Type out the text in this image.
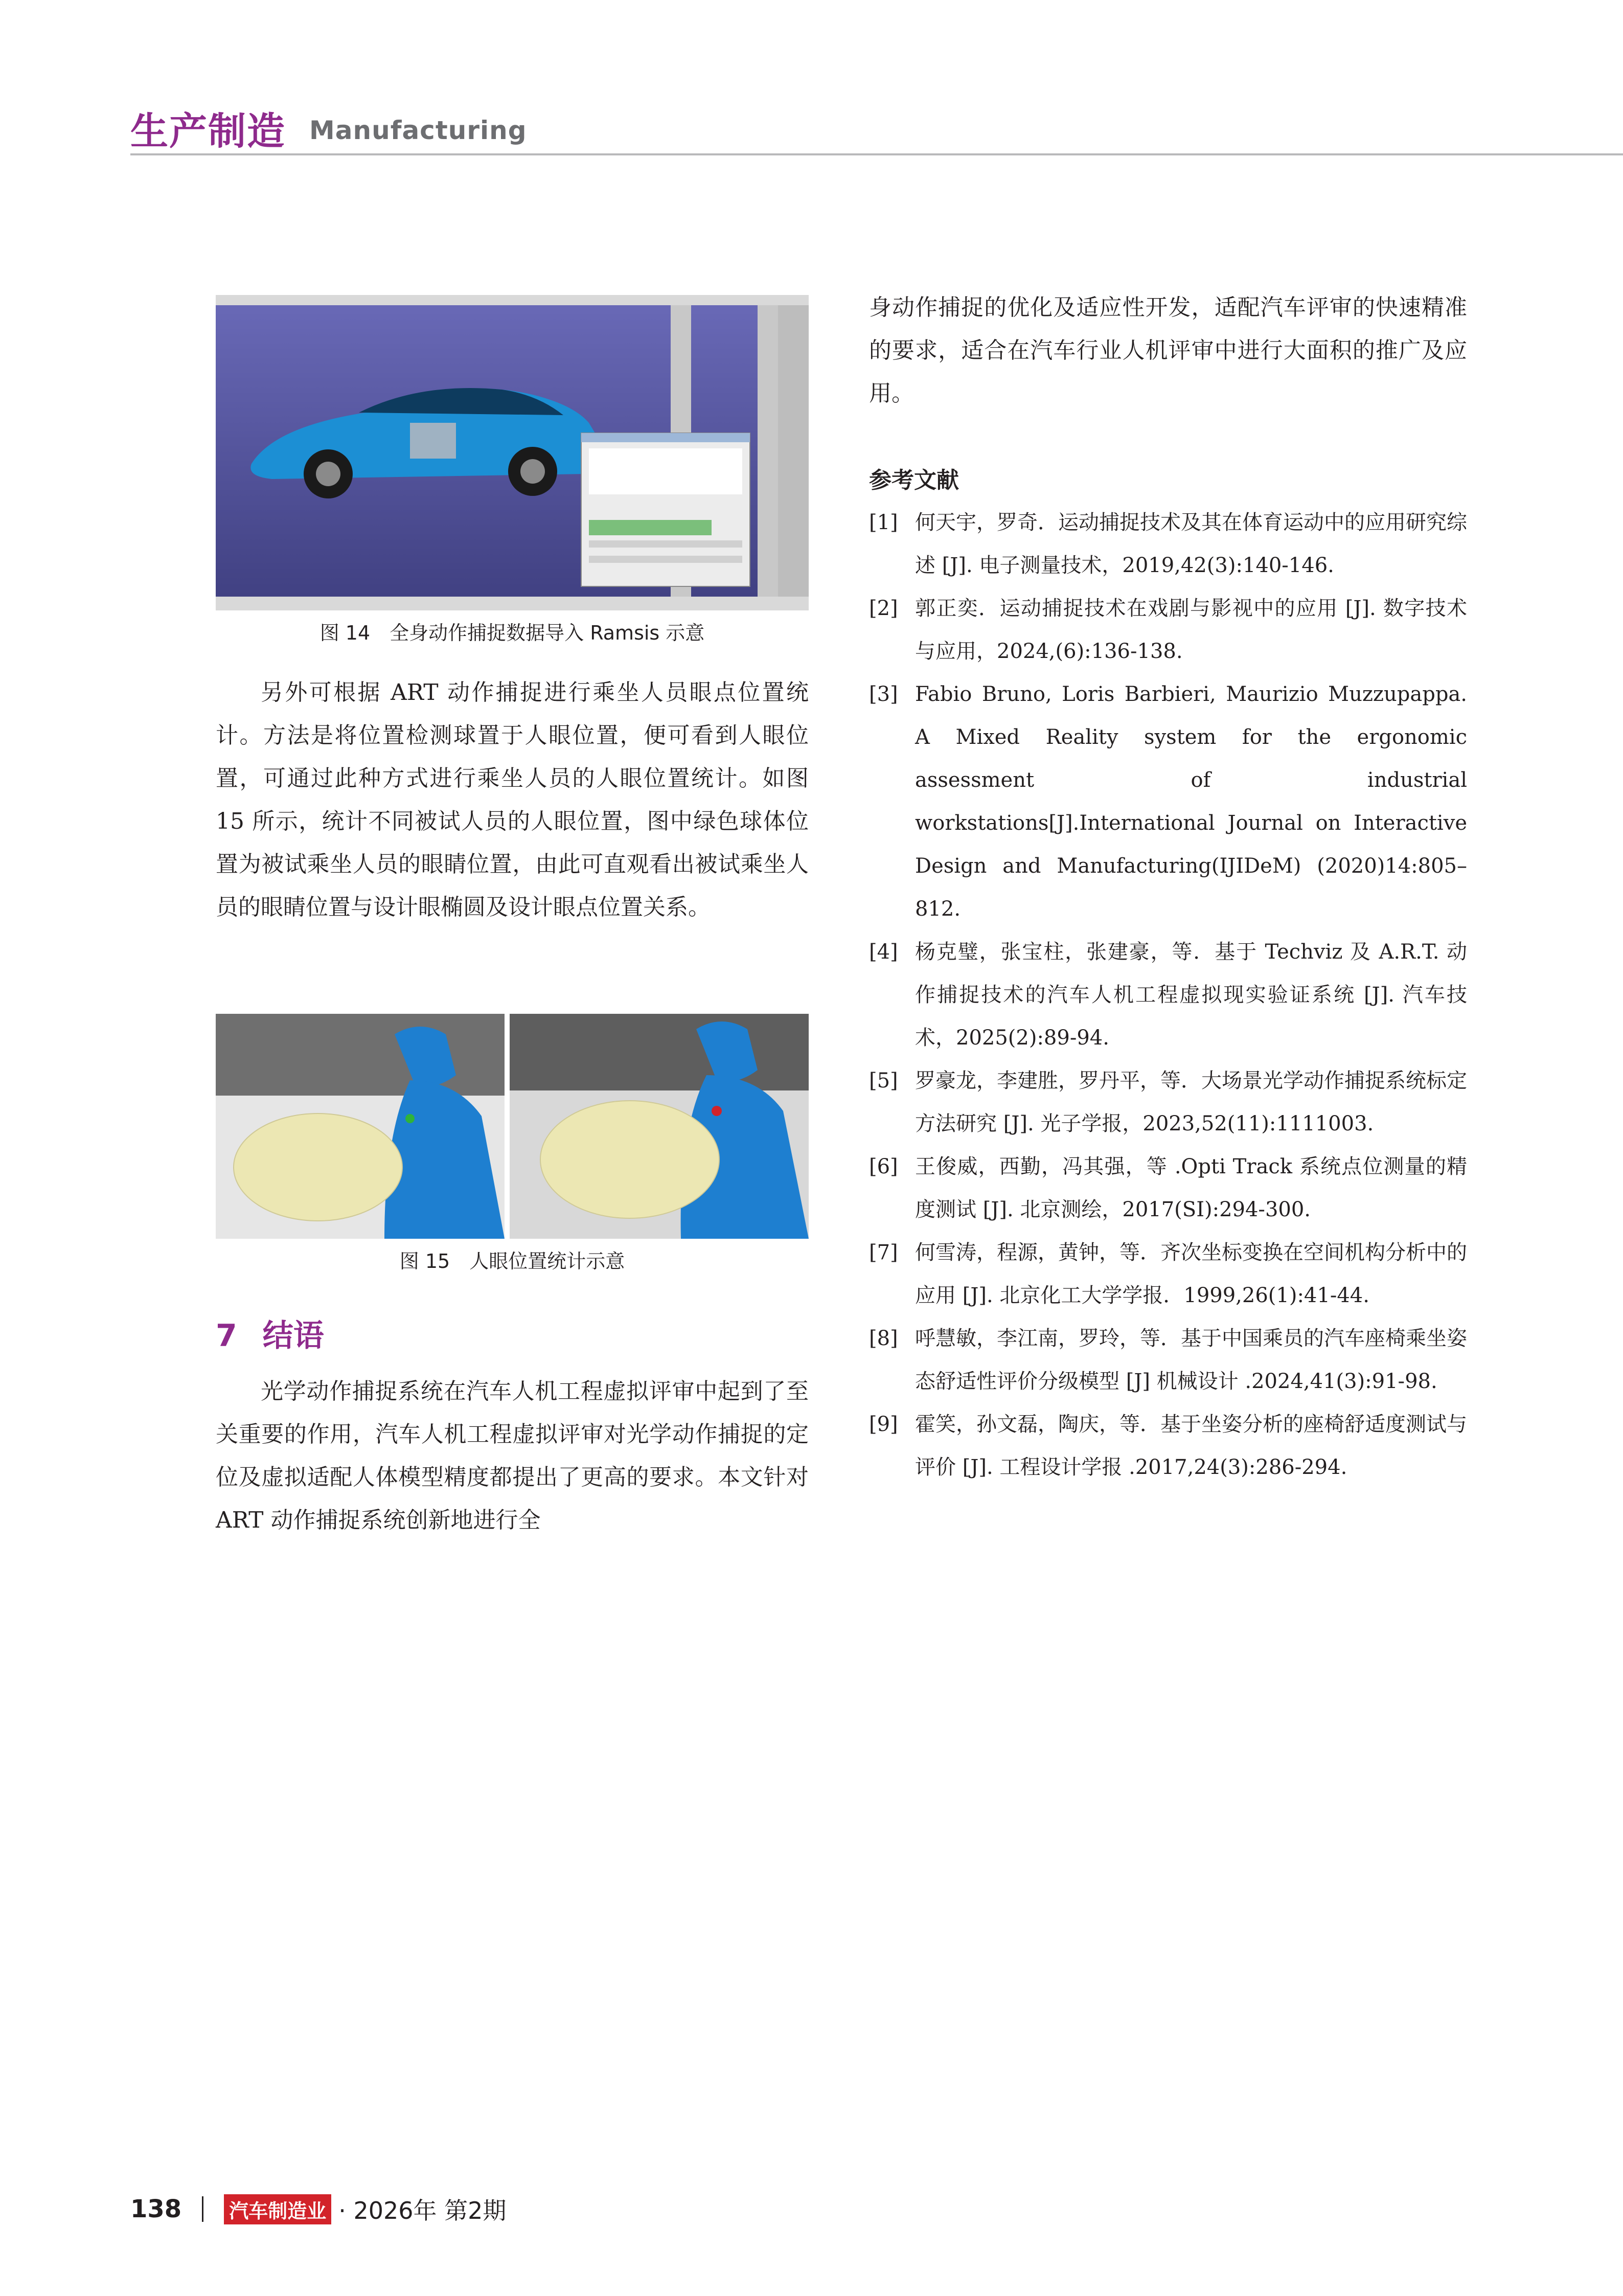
生产制造 Manufacturing
图 14　全身动作捕捉数据导入 Ramsis 示意

另外可根据 ART 动作捕捉进行乘坐人员眼点位置统计。方法是将位置检测球置于人眼位置，便可看到人眼位置，可通过此种方式进行乘坐人员的人眼位置统计。如图 15 所示，统计不同被试人员的人眼位置，图中绿色球体位置为被试乘坐人员的眼睛位置，由此可直观看出被试乘坐人员的眼睛位置与设计眼椭圆及设计眼点位置关系。

图 15　人眼位置统计示意
7 结语

光学动作捕捉系统在汽车人机工程虚拟评审中起到了至关重要的作用，汽车人机工程虚拟评审对光学动作捕捉的定位及虚拟适配人体模型精度都提出了更高的要求。本文针对 ART 动作捕捉系统创新地进行全

身动作捕捉的优化及适应性开发，适配汽车评审的快速精准的要求，适合在汽车行业人机评审中进行大面积的推广及应用。

参考文献
[1] 何天宇，罗奇．运动捕捉技术及其在体育运动中的应用研究综述 [J]. 电子测量技术，2019,42(3):140-146.
[2] 郭正奕．运动捕捉技术在戏剧与影视中的应用 [J]. 数字技术与应用，2024,(6):136-138.
[3] Fabio Bruno, Loris Barbieri, Maurizio Muzzupappa. A Mixed Reality system for the ergonomic assessment of industrial workstations[J].International Journal on Interactive Design and Manufacturing(IJIDeM) (2020)14:805–812.
[4] 杨克璧，张宝柱，张建豪，等．基于 Techviz 及 A.R.T. 动作捕捉技术的汽车人机工程虚拟现实验证系统 [J]. 汽车技术，2025(2):89-94.
[5] 罗豪龙，李建胜，罗丹平，等．大场景光学动作捕捉系统标定方法研究 [J]. 光子学报，2023,52(11):1111003.
[6] 王俊威，西勤，冯其强，等 .Opti Track 系统点位测量的精度测试 [J]. 北京测绘，2017(SI):294-300.
[7] 何雪涛，程源，黄钟，等．齐次坐标变换在空间机构分析中的应用 [J]. 北京化工大学学报．1999,26(1):41-44.
[8] 呼慧敏，李江南，罗玲，等．基于中国乘员的汽车座椅乘坐姿态舒适性评价分级模型 [J] 机械设计 .2024,41(3):91-98.
[9] 霍笑，孙文磊，陶庆，等．基于坐姿分析的座椅舒适度测试与评价 [J]. 工程设计学报 .2017,24(3):286-294.
138 汽车制造业 · 2026年 第2期
